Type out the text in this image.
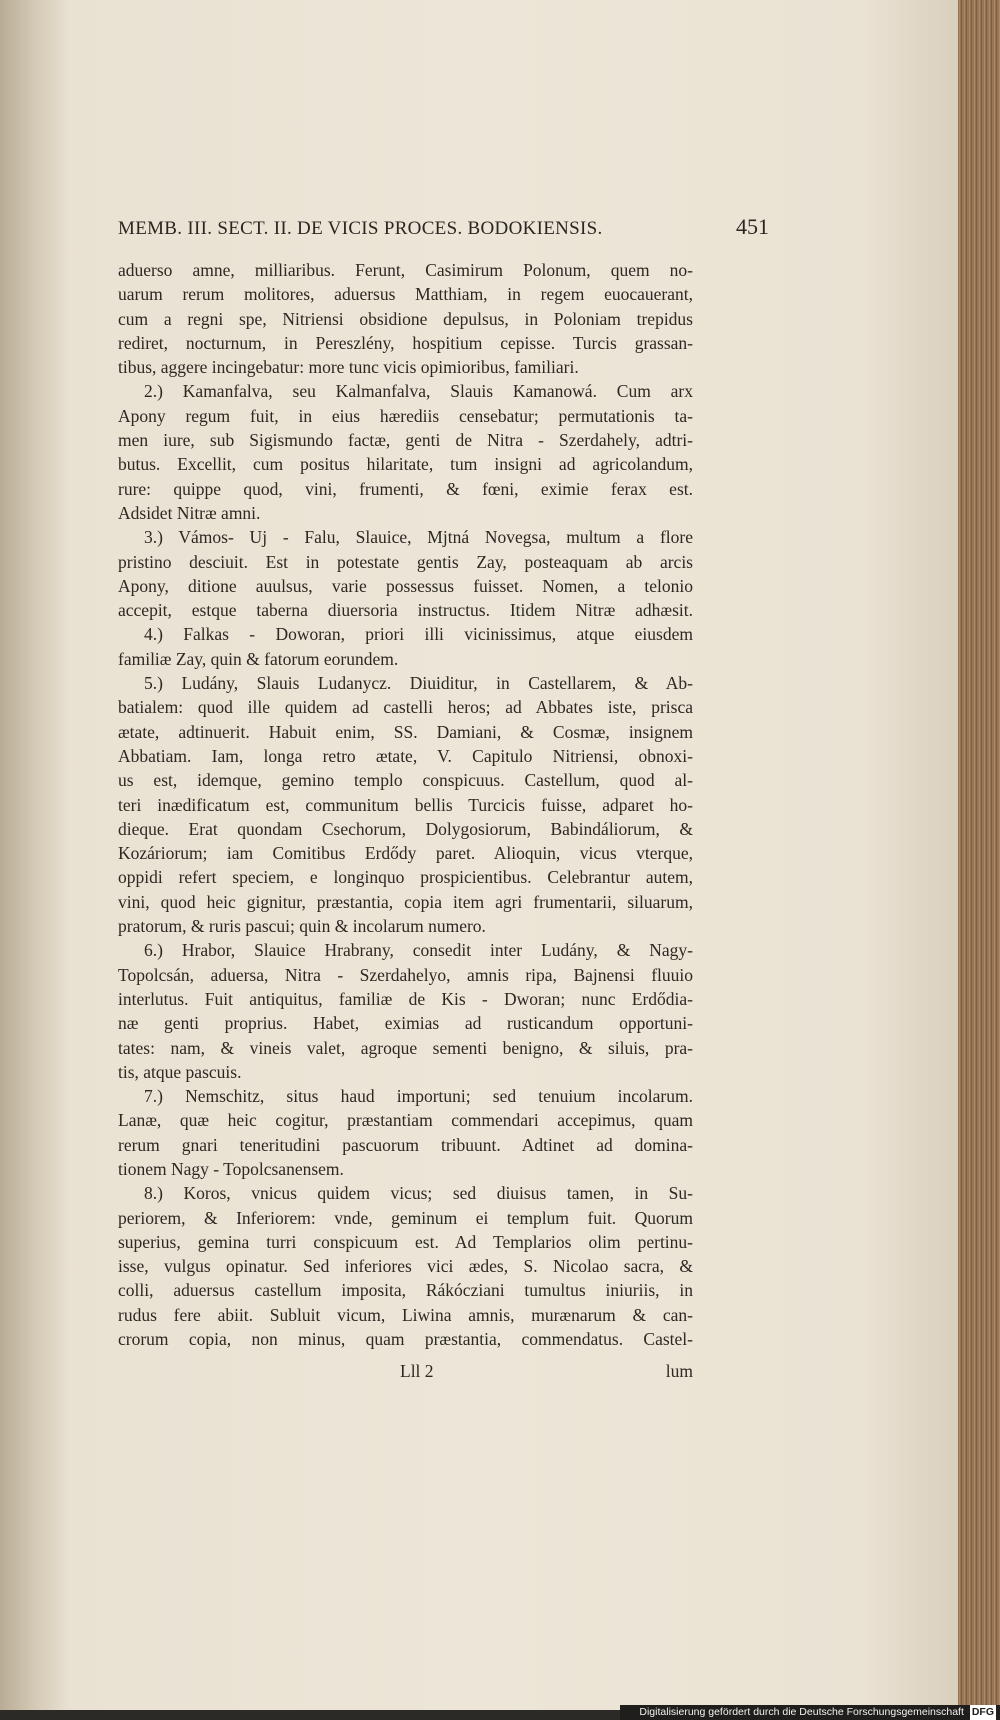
MEMB. III. SECT. II. DE VICIS PROCES. BODOKIENSIS.	451
aduerso amne, milliaribus. Ferunt, Casimirum Polonum, quem no-
uarum rerum molitores, aduersus Matthiam, in regem euocauerant,
cum a regni spe, Nitriensi obsidione depulsus, in Poloniam trepidus
rediret, nocturnum, in Pereszlény, hospitium cepisse. Turcis grassan-
tibus, aggere incingebatur: more tunc vicis opimioribus, familiari.
2.) Kamanfalva, seu Kalmanfalva, Slauis Kamanowá. Cum arx
Apony regum fuit, in eius hærediis censebatur; permutationis ta-
men iure, sub Sigismundo factæ, genti de Nitra - Szerdahely, adtri-
butus. Excellit, cum positus hilaritate, tum insigni ad agricolandum,
rure: quippe quod, vini, frumenti, & fœni, eximie ferax est.
Adsidet Nitræ amni.
3.) Vámos- Uj - Falu, Slauice, Mjtná Novegsa, multum a flore
pristino desciuit. Est in potestate gentis Zay, posteaquam ab arcis
Apony, ditione auulsus, varie possessus fuisset. Nomen, a telonio
accepit, estque taberna diuersoria instructus. Itidem Nitræ adhæsit.
4.) Falkas - Doworan, priori illi vicinissimus, atque eiusdem
familiæ Zay, quin & fatorum eorundem.
5.) Ludány, Slauis Ludanycz. Diuiditur, in Castellarem, & Ab-
batialem: quod ille quidem ad castelli heros; ad Abbates iste, prisca
ætate, adtinuerit. Habuit enim, SS. Damiani, & Cosmæ, insignem
Abbatiam. Iam, longa retro ætate, V. Capitulo Nitriensi, obnoxi-
us est, idemque, gemino templo conspicuus. Castellum, quod al-
teri inædificatum est, communitum bellis Turcicis fuisse, adparet ho-
dieque. Erat quondam Csechorum, Dolygosiorum, Babindáliorum, &
Kozáriorum; iam Comitibus Erdődy paret. Alioquin, vicus vterque,
oppidi refert speciem, e longinquo prospicientibus. Celebrantur autem,
vini, quod heic gignitur, præstantia, copia item agri frumentarii, siluarum,
pratorum, & ruris pascui; quin & incolarum numero.
6.) Hrabor, Slauice Hrabrany, consedit inter Ludány, & Nagy-
Topolcsán, aduersa, Nitra - Szerdahelyo, amnis ripa, Bajnensi fluuio
interlutus. Fuit antiquitus, familiæ de Kis - Dworan; nunc Erdődia-
næ genti proprius. Habet, eximias ad rusticandum opportuni-
tates: nam, & vineis valet, agroque sementi benigno, & siluis, pra-
tis, atque pascuis.
7.) Nemschitz, situs haud importuni; sed tenuium incolarum.
Lanæ, quæ heic cogitur, præstantiam commendari accepimus, quam
rerum gnari teneritudini pascuorum tribuunt. Adtinet ad domina-
tionem Nagy - Topolcsanensem.
8.) Koros, vnicus quidem vicus; sed diuisus tamen, in Su-
periorem, & Inferiorem: vnde, geminum ei templum fuit. Quorum
superius, gemina turri conspicuum est. Ad Templarios olim pertinu-
isse, vulgus opinatur. Sed inferiores vici ædes, S. Nicolao sacra, &
colli, aduersus castellum imposita, Rákócziani tumultus iniuriis, in
rudus fere abiit. Subluit vicum, Liwina amnis, murænarum & can-
crorum copia, non minus, quam præstantia, commendatus. Castel-
Lll 2	lum
Digitalisierung gefördert durch die Deutsche Forschungsgemeinschaft DFG
